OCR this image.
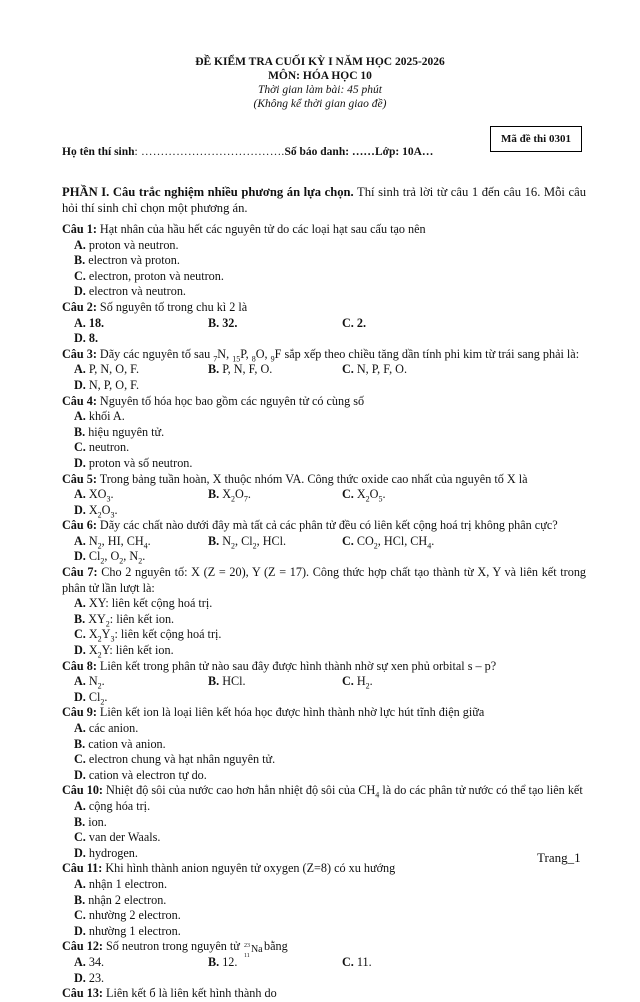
ĐỀ KIỂM TRA CUỐI KỲ I NĂM HỌC 2025-2026
MÔN: HÓA HỌC 10
Thời gian làm bài: 45 phút
(Không kể thời gian giao đề)
Họ tên thí sinh: ……………………………….Số báo danh: ……Lớp: 10A…
Mã đề thi 0301
PHẦN I. Câu trắc nghiệm nhiều phương án lựa chọn. Thí sinh trả lời từ câu 1 đến câu 16. Mỗi câu hỏi thí sinh chỉ chọn một phương án.
Câu 1: Hạt nhân của hầu hết các nguyên tử do các loại hạt sau cấu tạo nên
A. proton và neutron.
B. electron và proton.
C. electron, proton và neutron.
D. electron và neutron.
Câu 2: Số nguyên tố trong chu kì 2 là
A. 18.	B. 32.	C. 2.
D. 8.
Câu 3: Dãy các nguyên tố sau $_7$N, $_{15}$P, $_8$O, $_9$F sắp xếp theo chiều tăng dần tính phi kim từ trái sang phải là:
A. P, N, O, F.	B. P, N, F, O.	C. N, P, F, O.
D. N, P, O, F.
Câu 4: Nguyên tố hóa học bao gồm các nguyên tử có cùng số
A. khối A.
B. hiệu nguyên tử.
C. neutron.
D. proton và số neutron.
Câu 5: Trong bảng tuần hoàn, X thuộc nhóm VA. Công thức oxide cao nhất của nguyên tố X là
A. $XO_3$.	B. $X_2O_7$.	C. $X_2O_5$.
D. $X_2O_3$.
Câu 6: Dãy các chất nào dưới đây mà tất cả các phân tử đều có liên kết cộng hoá trị không phân cực?
A. $N_2$, HI, $CH_4$.	B. $N_2$, $Cl_2$, HCl.	C. $CO_2$, HCl, $CH_4$.
D. $Cl_2$, $O_2$, $N_2$.
Câu 7: Cho 2 nguyên tố: X (Z = 20), Y (Z = 17). Công thức hợp chất tạo thành từ X, Y và liên kết trong phân tử lần lượt là:
A. XY: liên kết cộng hoá trị.
B. $XY_2$: liên kết ion.
C. $X_2Y_3$: liên kết cộng hoá trị.
D. $X_2Y$: liên kết ion.
Câu 8: Liên kết trong phân tử nào sau đây được hình thành nhờ sự xen phủ orbital s – p?
A. $N_2$.	B. HCl.	C. $H_2$.
D. $Cl_2$.
Câu 9: Liên kết ion là loại liên kết hóa học được hình thành nhờ lực hút tĩnh điện giữa
A. các anion.
B. cation và anion.
C. electron chung và hạt nhân nguyên tử.
D. cation và electron tự do.
Câu 10: Nhiệt độ sôi của nước cao hơn hẳn nhiệt độ sôi của $CH_4$ là do các phân tử nước có thể tạo liên kết
A. cộng hóa trị.
B. ion.
C. van der Waals.
D. hydrogen.
Câu 11: Khi hình thành anion nguyên tử oxygen (Z=8) có xu hướng
A. nhận 1 electron.
B. nhận 2 electron.
C. nhường 2 electron.
D. nhường 1 electron.
Câu 12: Số neutron trong nguyên tử 23
11
Na
bằng
A. 34.	B. 12.	C. 11.
D. 23.
Câu 13: Liên kết б là liên kết hình thành do
Trang_1
